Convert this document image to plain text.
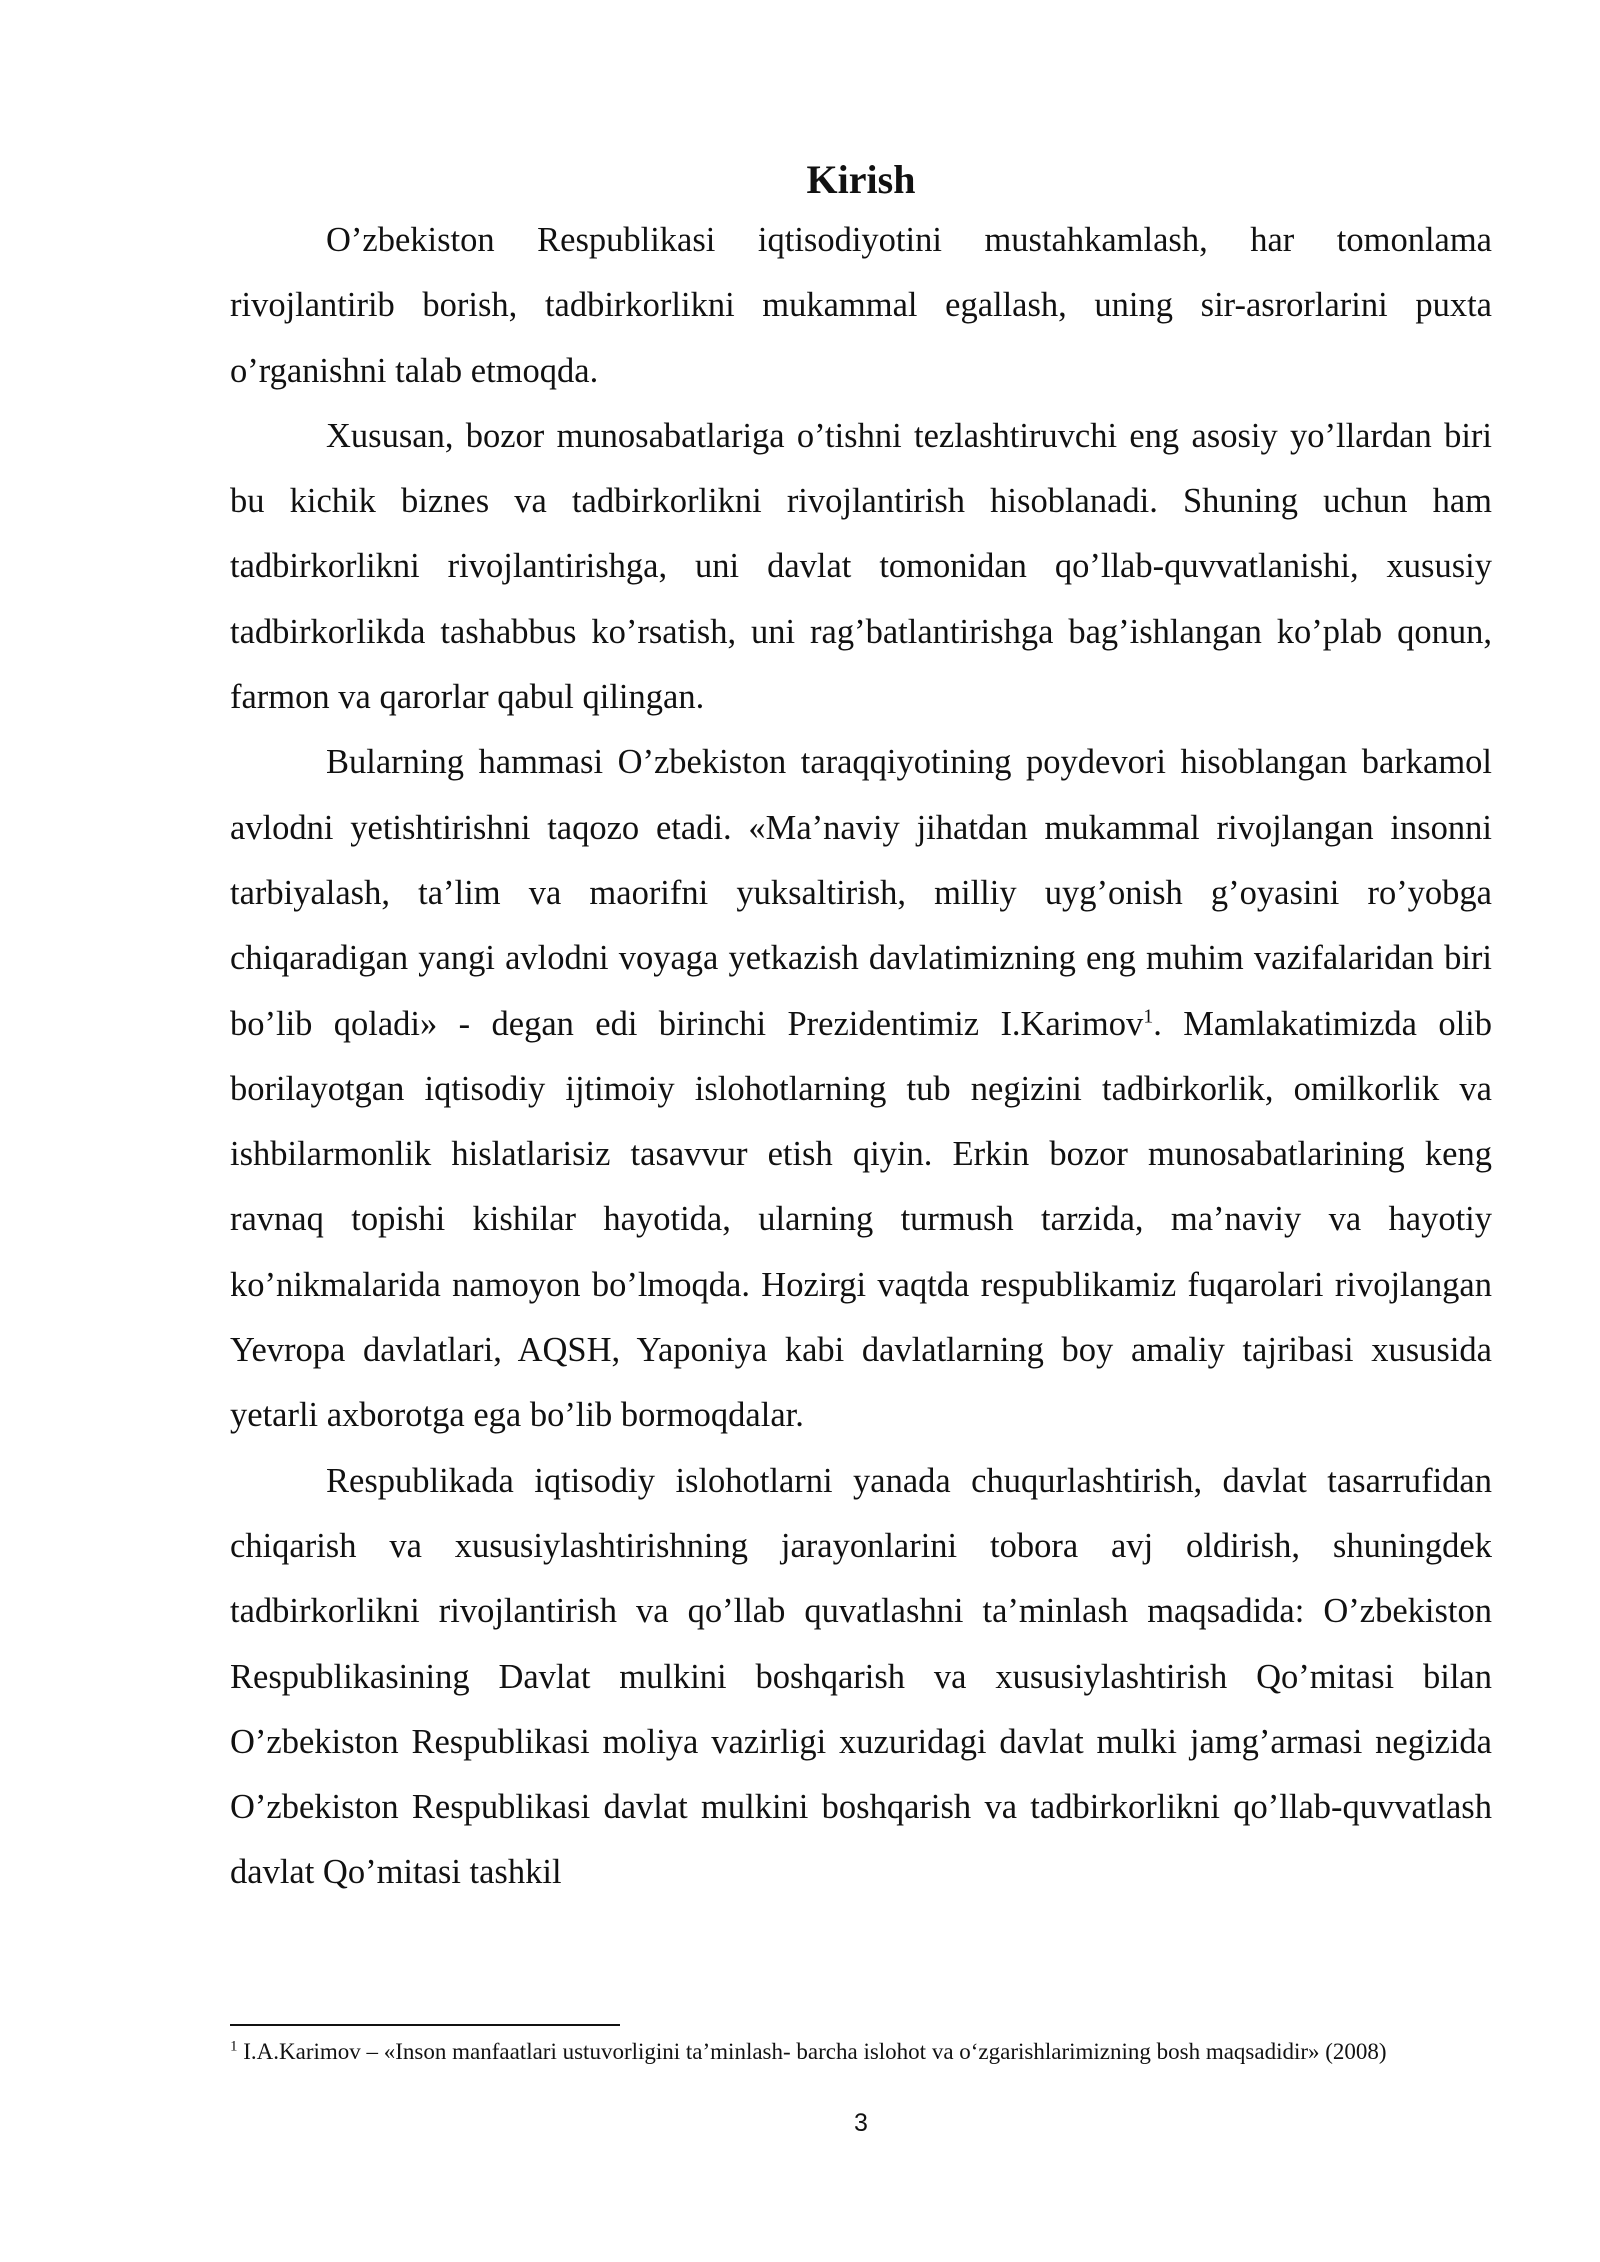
Kirish

O’zbekiston Respublikasi iqtisodiyotini mustahkamlash, har tomonlama rivojlantirib borish, tadbirkorlikni mukammal egallash, uning sir-asrorlarini puxta o’rganishni talab etmoqda.

Xususan, bozor munosabatlariga o’tishni tezlashtiruvchi eng asosiy yo’llardan biri bu kichik biznes va tadbirkorlikni rivojlantirish hisoblanadi. Shuning uchun ham tadbirkorlikni rivojlantirishga, uni davlat tomonidan qo’llab-quvvatlanishi, xususiy tadbirkorlikda tashabbus ko’rsatish, uni rag’batlantirishga bag’ishlangan ko’plab qonun, farmon va qarorlar qabul qilingan.

Bularning hammasi O’zbekiston taraqqiyotining poydevori hisoblangan barkamol avlodni yetishtirishni taqozo etadi. «Ma’naviy jihatdan mukammal rivojlangan insonni tarbiyalash, ta’lim va maorifni yuksaltirish, milliy uyg’onish g’oyasini ro’yobga chiqaradigan yangi avlodni voyaga yetkazish davlatimizning eng muhim vazifalaridan biri bo’lib qoladi» - degan edi birinchi Prezidentimiz I.Karimov$^1$. Mamlakatimizda olib borilayotgan iqtisodiy ijtimoiy islohotlarning tub negizini tadbirkorlik, omilkorlik va ishbilarmonlik hislatlarisiz tasavvur etish qiyin. Erkin bozor munosabatlarining keng ravnaq topishi kishilar hayotida, ularning turmush tarzida, ma’naviy va hayotiy ko’nikmalarida namoyon bo’lmoqda. Hozirgi vaqtda respublikamiz fuqarolari rivojlangan Yevropa davlatlari, AQSH, Yaponiya kabi davlatlarning boy amaliy tajribasi xususida yetarli axborotga ega bo’lib bormoqdalar.

Respublikada iqtisodiy islohotlarni yanada chuqurlashtirish, davlat tasarrufidan chiqarish va xususiylashtirishning jarayonlarini tobora avj oldirish, shuningdek tadbirkorlikni rivojlantirish va qo’llab quvatlashni ta’minlash maqsadida: O’zbekiston Respublikasining Davlat mulkini boshqarish va xususiylashtirish Qo’mitasi bilan O’zbekiston Respublikasi moliya vazirligi xuzuridagi davlat mulki jamg’armasi negizida O’zbekiston Respublikasi davlat mulkini boshqarish va tadbirkorlikni qo’llab-quvvatlash davlat Qo’mitasi tashkil

$^1$ I.A.Karimov – «Inson manfaatlari ustuvorligini ta’minlash- barcha islohot va o‘zgarishlarimizning bosh maqsadidir» (2008)

3
